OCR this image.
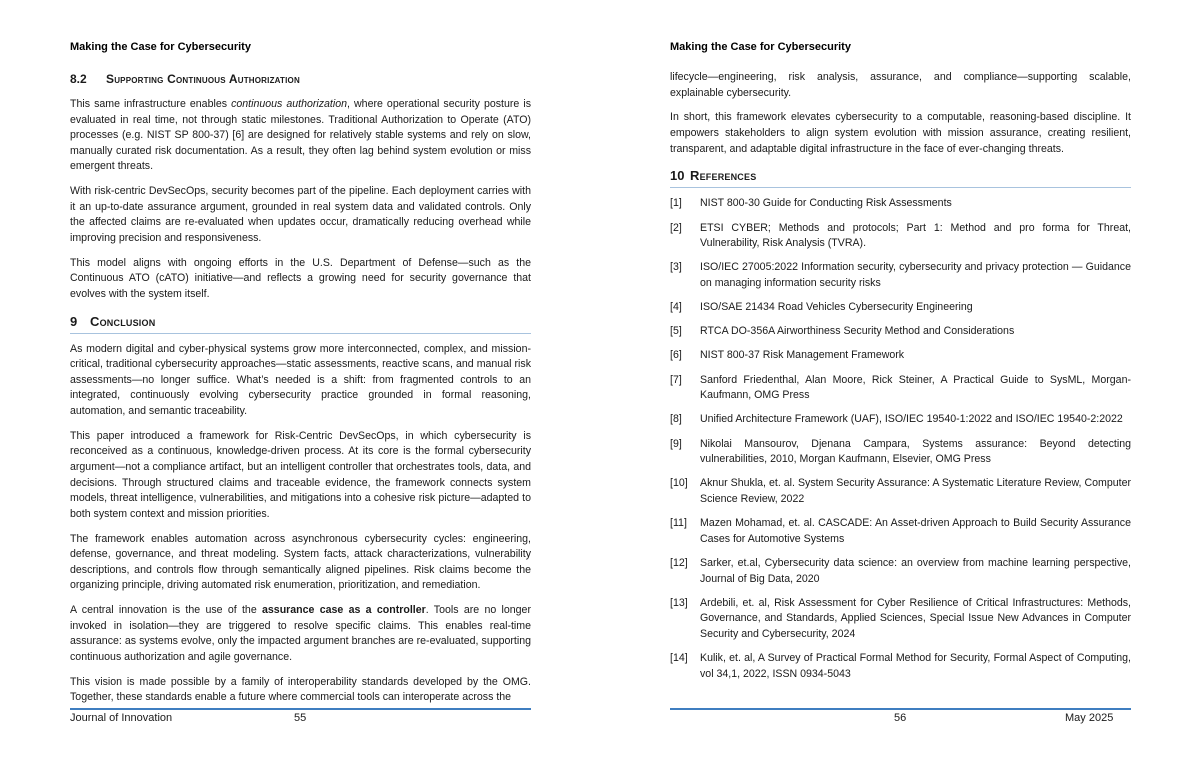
Making the Case for Cybersecurity
8.2 Supporting Continuous Authorization

This same infrastructure enables continuous authorization, where operational security posture is evaluated in real time, not through static milestones. Traditional Authorization to Operate (ATO) processes (e.g. NIST SP 800-37) [6] are designed for relatively stable systems and rely on slow, manually curated risk documentation. As a result, they often lag behind system evolution or miss emergent threats.

With risk-centric DevSecOps, security becomes part of the pipeline. Each deployment carries with it an up-to-date assurance argument, grounded in real system data and validated controls. Only the affected claims are re-evaluated when updates occur, dramatically reducing overhead while improving precision and responsiveness.

This model aligns with ongoing efforts in the U.S. Department of Defense—such as the Continuous ATO (cATO) initiative—and reflects a growing need for security governance that evolves with the system itself.

9 Conclusion

As modern digital and cyber-physical systems grow more interconnected, complex, and mission-critical, traditional cybersecurity approaches—static assessments, reactive scans, and manual risk assessments—no longer suffice. What’s needed is a shift: from fragmented controls to an integrated, continuously evolving cybersecurity practice grounded in formal reasoning, automation, and semantic traceability.

This paper introduced a framework for Risk-Centric DevSecOps, in which cybersecurity is reconceived as a continuous, knowledge-driven process. At its core is the formal cybersecurity argument—not a compliance artifact, but an intelligent controller that orchestrates tools, data, and decisions. Through structured claims and traceable evidence, the framework connects system models, threat intelligence, vulnerabilities, and mitigations into a cohesive risk picture—adapted to both system context and mission priorities.

The framework enables automation across asynchronous cybersecurity cycles: engineering, defense, governance, and threat modeling. System facts, attack characterizations, vulnerability descriptions, and controls flow through semantically aligned pipelines. Risk claims become the organizing principle, driving automated risk enumeration, prioritization, and remediation.

A central innovation is the use of the assurance case as a controller. Tools are no longer invoked in isolation—they are triggered to resolve specific claims. This enables real-time assurance: as systems evolve, only the impacted argument branches are re-evaluated, supporting continuous authorization and agile governance.

This vision is made possible by a family of interoperability standards developed by the OMG. Together, these standards enable a future where commercial tools can interoperate across the

Journal of Innovation	55
Making the Case for Cybersecurity

lifecycle—engineering, risk analysis, assurance, and compliance—supporting scalable, explainable cybersecurity.

In short, this framework elevates cybersecurity to a computable, reasoning-based discipline. It empowers stakeholders to align system evolution with mission assurance, creating resilient, transparent, and adaptable digital infrastructure in the face of ever-changing threats.

10 References
[1]	NIST 800-30 Guide for Conducting Risk Assessments
[2]	ETSI CYBER; Methods and protocols; Part 1: Method and pro forma for Threat, Vulnerability, Risk Analysis (TVRA).
[3]	ISO/IEC 27005:2022 Information security, cybersecurity and privacy protection — Guidance on managing information security risks
[4]	ISO/SAE 21434 Road Vehicles Cybersecurity Engineering
[5]	RTCA DO-356A Airworthiness Security Method and Considerations
[6]	NIST 800-37 Risk Management Framework
[7]	Sanford Friedenthal, Alan Moore, Rick Steiner, A Practical Guide to SysML, Morgan-Kaufmann, OMG Press
[8]	Unified Architecture Framework (UAF), ISO/IEC 19540-1:2022 and ISO/IEC 19540-2:2022
[9]	Nikolai Mansourov, Djenana Campara, Systems assurance: Beyond detecting vulnerabilities, 2010, Morgan Kaufmann, Elsevier, OMG Press
[10]	Aknur Shukla, et. al. System Security Assurance: A Systematic Literature Review, Computer Science Review, 2022
[11]	Mazen Mohamad, et. al. CASCADE: An Asset-driven Approach to Build Security Assurance Cases for Automotive Systems
[12]	Sarker, et.al, Cybersecurity data science: an overview from machine learning perspective, Journal of Big Data, 2020
[13]	Ardebili, et. al, Risk Assessment for Cyber Resilience of Critical Infrastructures: Methods, Governance, and Standards, Applied Sciences, Special Issue New Advances in Computer Security and Cybersecurity, 2024
[14]	Kulik, et. al, A Survey of Practical Formal Method for Security, Formal Aspect of Computing, vol 34,1, 2022, ISSN 0934-5043
56	May 2025
